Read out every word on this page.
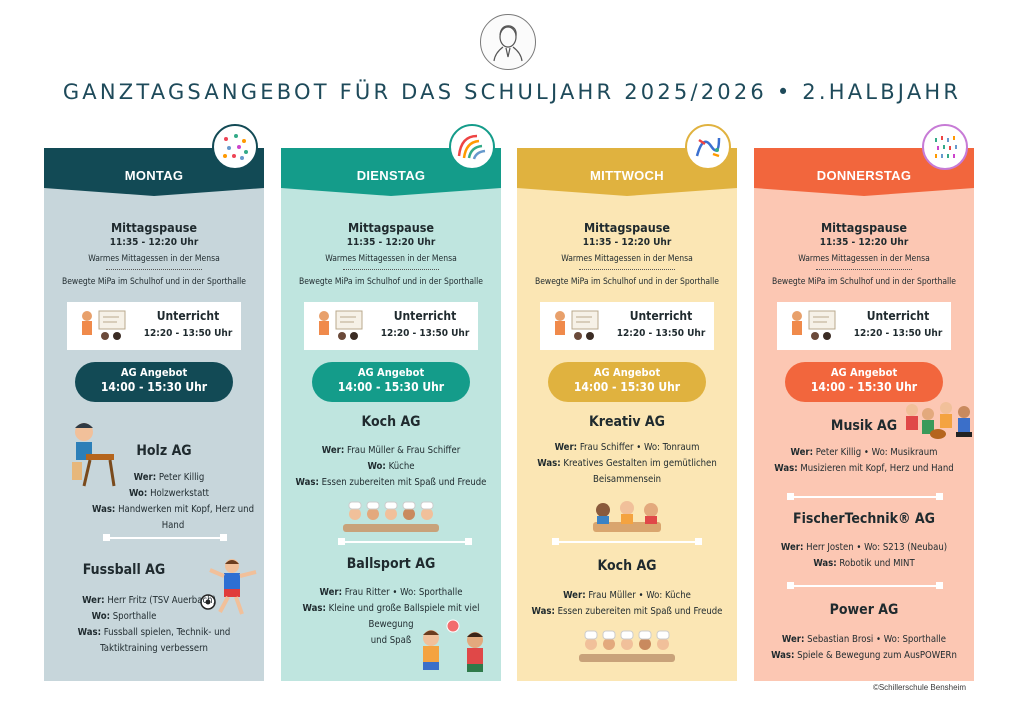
GANZTAGSANGEBOT FÜR DAS SCHULJAHR 2025/2026 • 2.HALBJAHR
MONTAG
Mittagspause
11:35 - 12:20 Uhr
Warmes Mittagessen in der Mensa
Bewegte MiPa im Schulhof und in der Sporthalle
Unterricht
12:20 - 13:50 Uhr
AG Angebot
14:00 - 15:30 Uhr
Holz AG
Wer: Peter Killig
Wo: Holzwerkstatt
Was: Handwerken mit Kopf, Herz und Hand
Fussball AG
Wer: Herr Fritz (TSV Auerbach)
Wo: Sporthalle
Was: Fussball spielen, Technik- und
Taktiktraining verbessern
DIENSTAG
Mittagspause
11:35 - 12:20 Uhr
Warmes Mittagessen in der Mensa
Bewegte MiPa im Schulhof und in der Sporthalle
Unterricht
12:20 - 13:50 Uhr
AG Angebot
14:00 - 15:30 Uhr
Koch AG
Wer: Frau Müller & Frau Schiffer
Wo: Küche
Was: Essen zubereiten mit Spaß und Freude
Ballsport AG
Wer: Frau Ritter • Wo: Sporthalle
Was: Kleine und große Ballspiele mit viel Bewegung
und Spaß
MITTWOCH
Mittagspause
11:35 - 12:20 Uhr
Warmes Mittagessen in der Mensa
Bewegte MiPa im Schulhof und in der Sporthalle
Unterricht
12:20 - 13:50 Uhr
AG Angebot
14:00 - 15:30 Uhr
Kreativ AG
Wer: Frau Schiffer • Wo: Tonraum
Was: Kreatives Gestalten im gemütlichen
Beisammensein
Koch AG
Wer: Frau Müller • Wo: Küche
Was: Essen zubereiten mit Spaß und Freude
DONNERSTAG
Mittagspause
11:35 - 12:20 Uhr
Warmes Mittagessen in der Mensa
Bewegte MiPa im Schulhof und in der Sporthalle
Unterricht
12:20 - 13:50 Uhr
AG Angebot
14:00 - 15:30 Uhr
Musik AG
Wer: Peter Killig • Wo: Musikraum
Was: Musizieren mit Kopf, Herz und Hand
FischerTechnik® AG
Wer: Herr Josten • Wo: S213 (Neubau)
Was: Robotik und MINT
Power AG
Wer: Sebastian Brosi • Wo: Sporthalle
Was: Spiele & Bewegung zum AusPOWERn
©Schillerschule Bensheim
